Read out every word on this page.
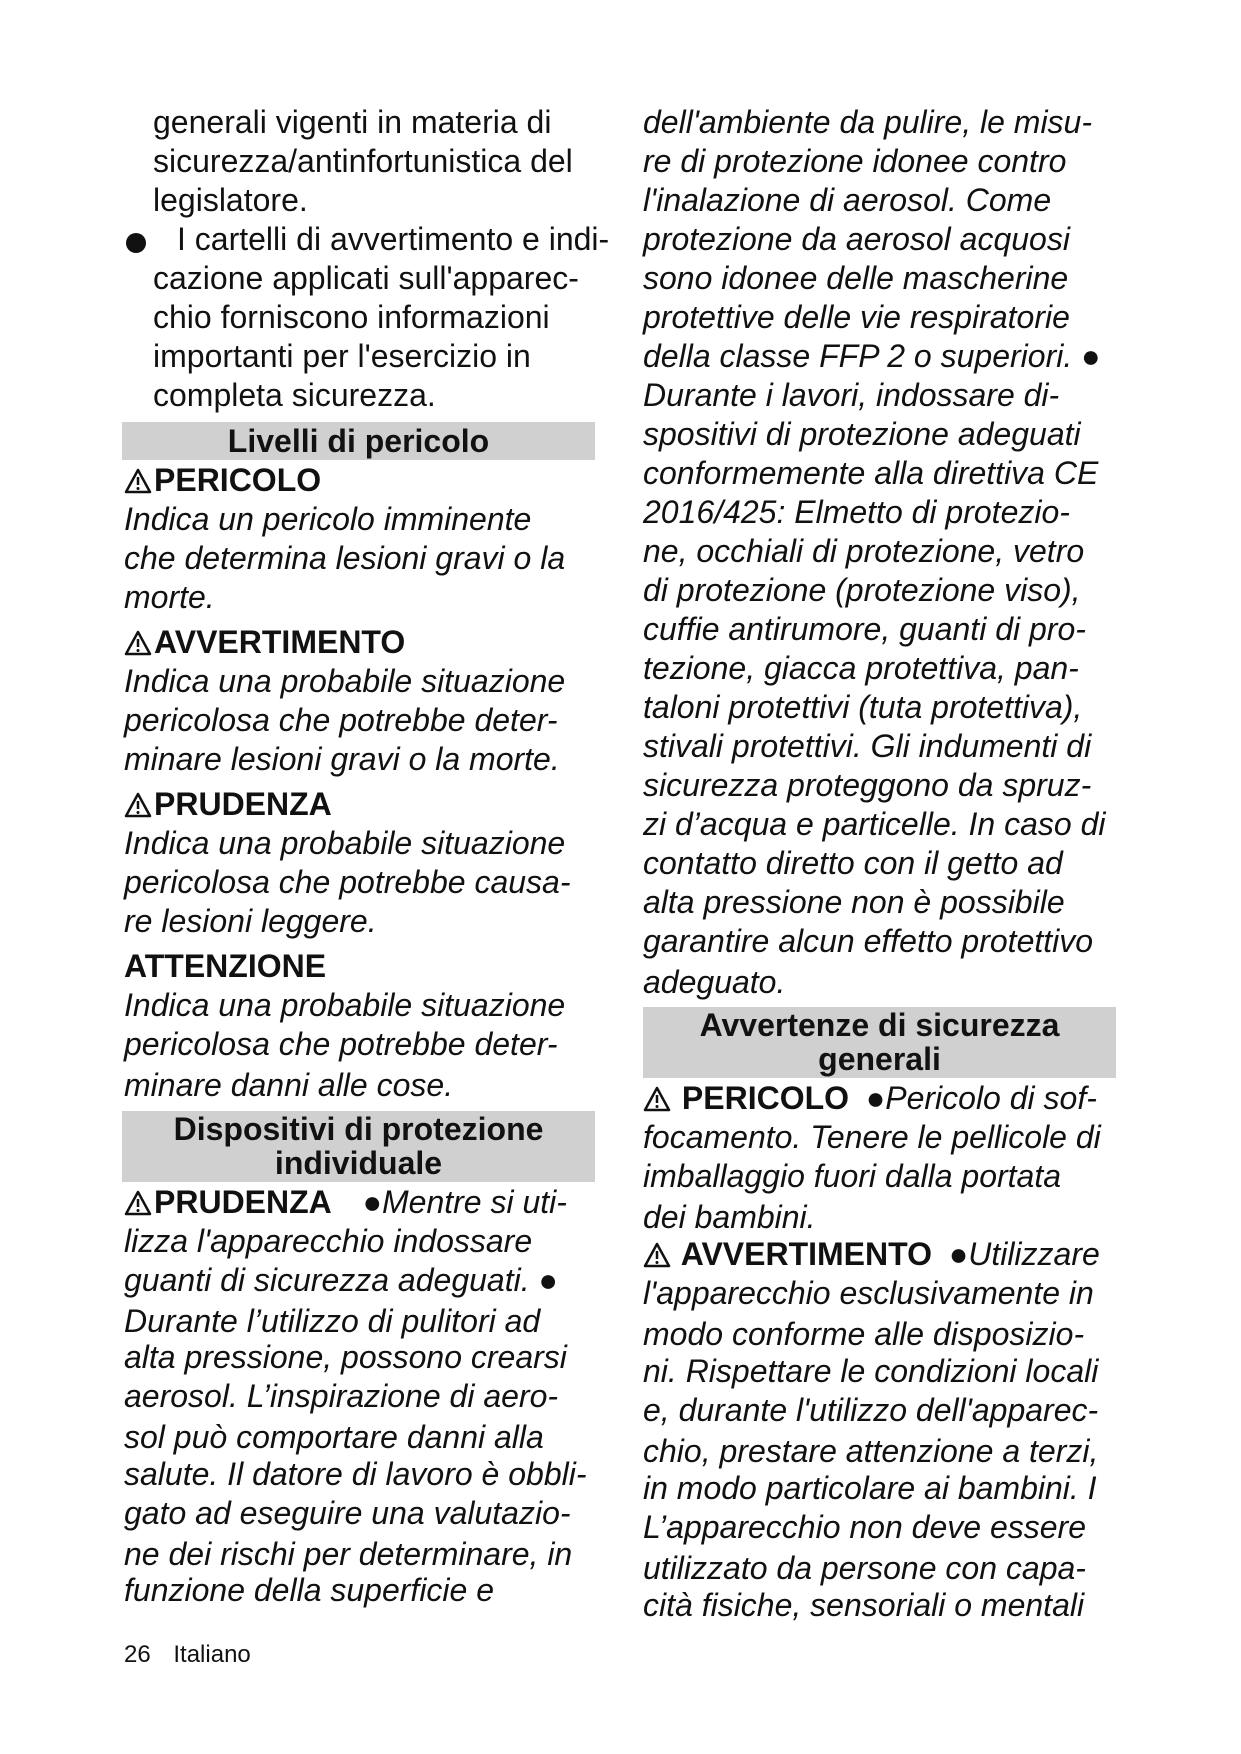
generali vigenti in materia di
sicurezza/antinfortunistica del
legislatore.
I cartelli di avvertimento e indi-
cazione applicati sull'apparec-
chio forniscono informazioni
importanti per l'esercizio in
completa sicurezza.
Livelli di pericolo
PERICOLO
Indica un pericolo imminente
che determina lesioni gravi o la
morte.
AVVERTIMENTO
Indica una probabile situazione
pericolosa che potrebbe deter-
minare lesioni gravi o la morte.
PRUDENZA
Indica una probabile situazione
pericolosa che potrebbe causa-
re lesioni leggere.
ATTENZIONE
Indica una probabile situazione
pericolosa che potrebbe deter-
minare danni alle cose.
Dispositivi di protezione
individuale
PRUDENZA ●Mentre si uti-
lizza l'apparecchio indossare
guanti di sicurezza adeguati. ●
Durante l’utilizzo di pulitori ad
alta pressione, possono crearsi
aerosol. L’inspirazione di aero-
sol può comportare danni alla
salute. Il datore di lavoro è obbli-
gato ad eseguire una valutazio-
ne dei rischi per determinare, in
funzione della superficie e
dell'ambiente da pulire, le misu-
re di protezione idonee contro
l'inalazione di aerosol. Come
protezione da aerosol acquosi
sono idonee delle mascherine
protettive delle vie respiratorie
della classe FFP 2 o superiori. ●
Durante i lavori, indossare di-
spositivi di protezione adeguati
conformemente alla direttiva CE
2016/425: Elmetto di protezio-
ne, occhiali di protezione, vetro
di protezione (protezione viso),
cuffie antirumore, guanti di pro-
tezione, giacca protettiva, pan-
taloni protettivi (tuta protettiva),
stivali protettivi. Gli indumenti di
sicurezza proteggono da spruz-
zi d’acqua e particelle. In caso di
contatto diretto con il getto ad
alta pressione non è possibile
garantire alcun effetto protettivo
adeguato.
Avvertenze di sicurezza
generali
PERICOLO ●Pericolo di sof-
focamento. Tenere le pellicole di
imballaggio fuori dalla portata
dei bambini.
AVVERTIMENTO ●Utilizzare
l'apparecchio esclusivamente in
modo conforme alle disposizio-
ni. Rispettare le condizioni locali
e, durante l'utilizzo dell'apparec-
chio, prestare attenzione a terzi,
in modo particolare ai bambini. I
L’apparecchio non deve essere
utilizzato da persone con capa-
cità fisiche, sensoriali o mentali
26 Italiano
